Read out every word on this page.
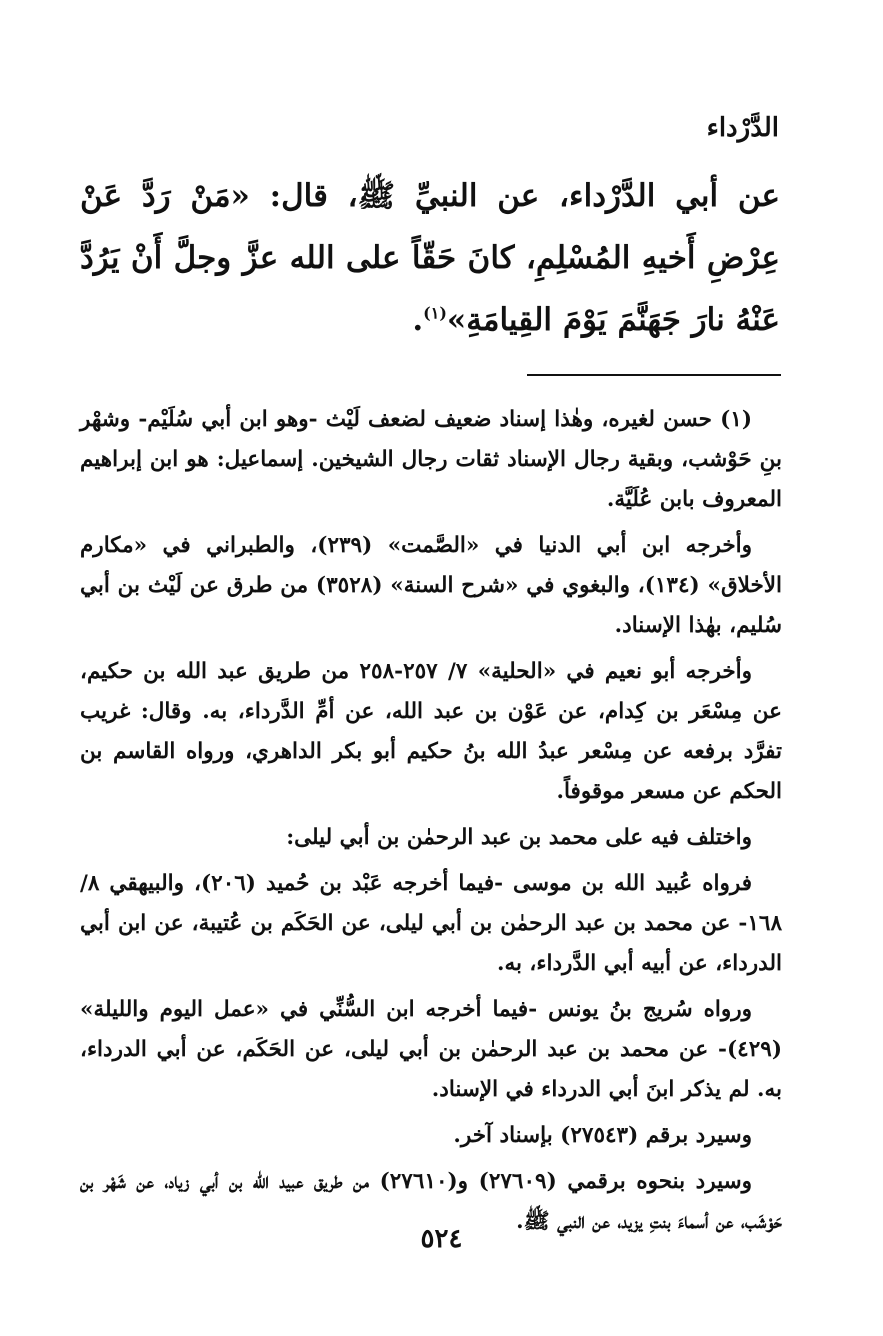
الدَّرْداء

عن أبي الدَّرْداء، عن النبيِّ ﷺ، قال: «مَنْ رَدَّ عَنْ عِرْضِ أَخيهِ المُسْلِمِ، كانَ حَقّاً على الله عزَّ وجلَّ أَنْ يَرُدَّ عَنْهُ نارَ جَهَنَّمَ يَوْمَ القِيامَةِ»$^{(١)}$.

(١) حسن لغيره، وهٰذا إسناد ضعيف لضعف لَيْث -وهو ابن أبي سُلَيْم- وشهْر بنِ حَوْشب، وبقية رجال الإسناد ثقات رجال الشيخين. إسماعيل: هو ابن إبراهيم المعروف بابن عُلَيَّة.

وأخرجه ابن أبي الدنيا في «الصَّمت» (٢٣٩)، والطبراني في «مكارم الأخلاق» (١٣٤)، والبغوي في «شرح السنة» (٣٥٢٨) من طرق عن لَيْث بن أبي سُليم، بهٰذا الإسناد.

وأخرجه أبو نعيم في «الحلية» ٧/ ٢٥٧-٢٥٨ من طريق عبد الله بن حكيم، عن مِسْعَر بن كِدام، عن عَوْن بن عبد الله، عن أمِّ الدَّرداء، به. وقال: غريب تفرَّد برفعه عن مِسْعر عبدُ الله بنُ حكيم أبو بكر الداهري، ورواه القاسم بن الحكم عن مسعر موقوفاً.

واختلف فيه على محمد بن عبد الرحمٰن بن أبي ليلى:

فرواه عُبيد الله بن موسى -فيما أخرجه عَبْد بن حُميد (٢٠٦)، والبيهقي ٨/ ١٦٨- عن محمد بن عبد الرحمٰن بن أبي ليلى، عن الحَكَم بن عُتيبة، عن ابن أبي الدرداء، عن أبيه أبي الدَّرداء، به.

ورواه سُريج بنُ يونس -فيما أخرجه ابن السُّنِّي في «عمل اليوم والليلة» (٤٢٩)- عن محمد بن عبد الرحمٰن بن أبي ليلى، عن الحَكَم، عن أبي الدرداء، به. لم يذكر ابنَ أبي الدرداء في الإسناد.

وسيرد برقم (٢٧٥٤٣) بإسناد آخر.

وسيرد بنحوه برقمي (٢٧٦٠٩) و(٢٧٦١٠) من طريق عبيد الله بن أبي زياد، عن شَهْر بن حَوْشَب، عن أسماءَ بنتِ يزيد، عن النبي ﷺ.

٥٢٤
